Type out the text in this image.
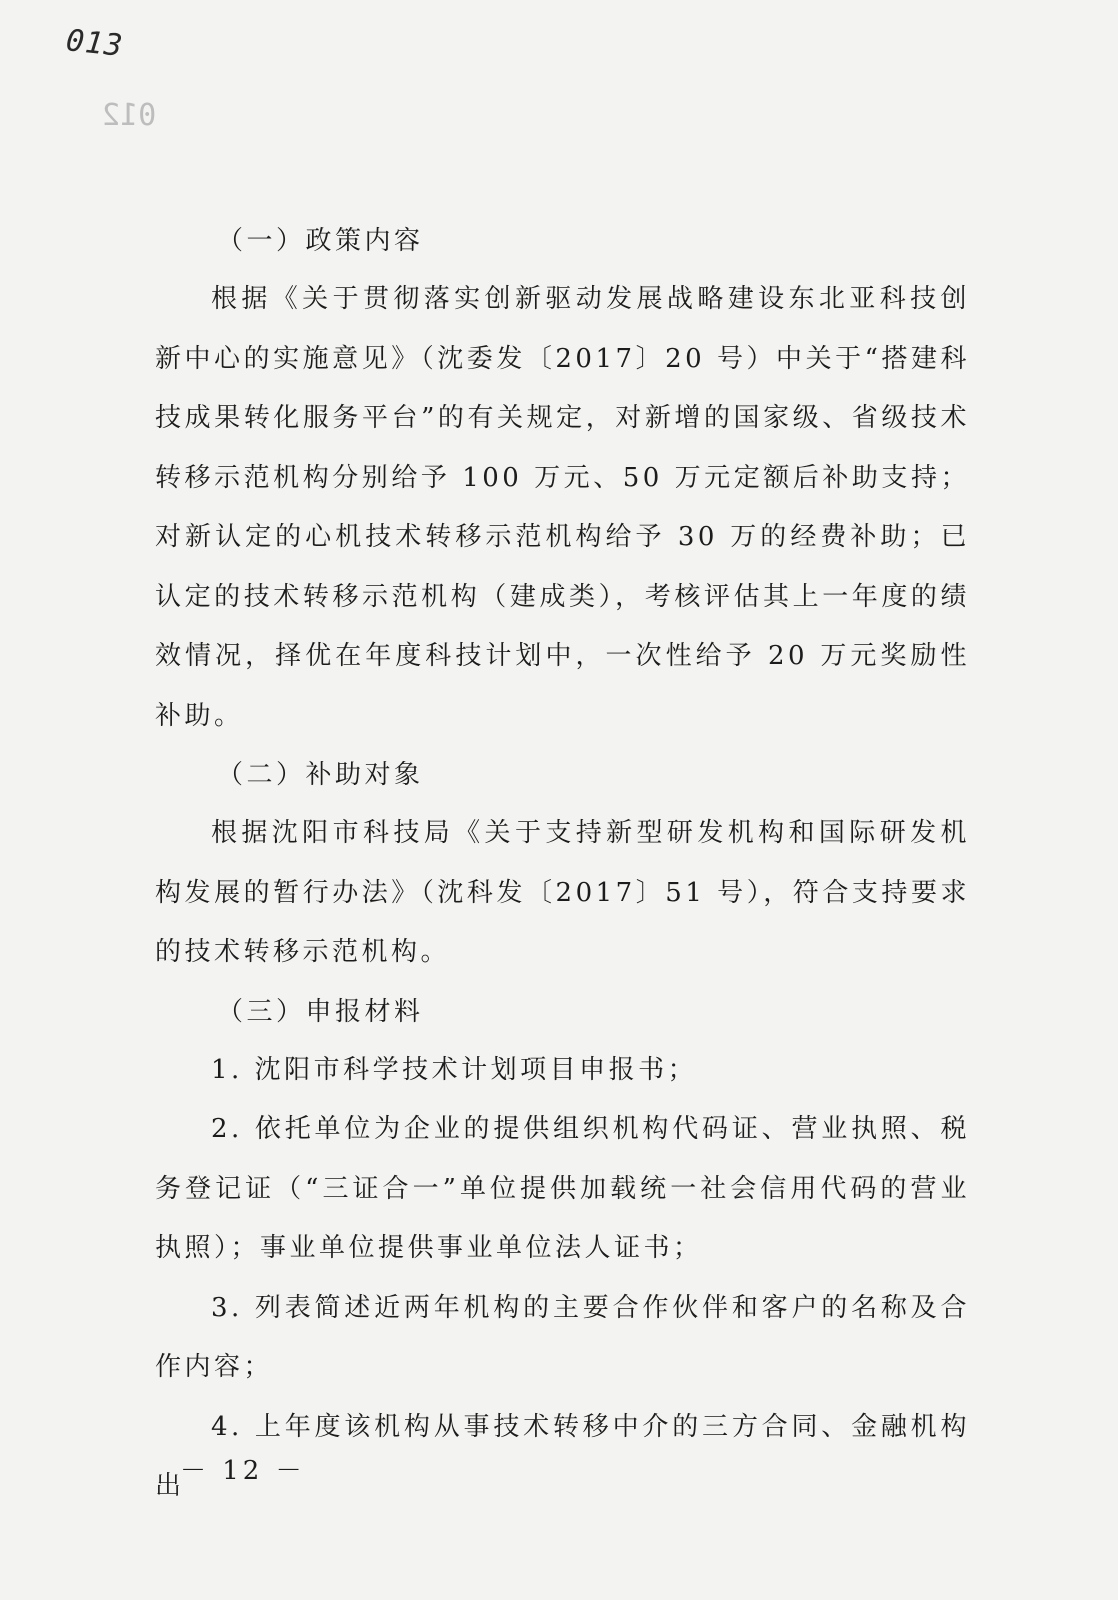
013
012
（一）政策内容

根据《关于贯彻落实创新驱动发展战略建设东北亚科技创新中心的实施意见》（沈委发〔2017〕20 号）中关于“搭建科技成果转化服务平台”的有关规定，对新增的国家级、省级技术转移示范机构分别给予 100 万元、50 万元定额后补助支持；对新认定的心机技术转移示范机构给予 30 万的经费补助；已认定的技术转移示范机构（建成类），考核评估其上一年度的绩效情况，择优在年度科技计划中，一次性给予 20 万元奖励性补助。

（二）补助对象

根据沈阳市科技局《关于支持新型研发机构和国际研发机构发展的暂行办法》（沈科发〔2017〕51 号），符合支持要求的技术转移示范机构。

（三）申报材料

1. 沈阳市科学技术计划项目申报书；

2. 依托单位为企业的提供组织机构代码证、营业执照、税务登记证（“三证合一”单位提供加载统一社会信用代码的营业执照）；事业单位提供事业单位法人证书；

3. 列表简述近两年机构的主要合作伙伴和客户的名称及合作内容；

4. 上年度该机构从事技术转移中介的三方合同、金融机构出

－ 12 －
